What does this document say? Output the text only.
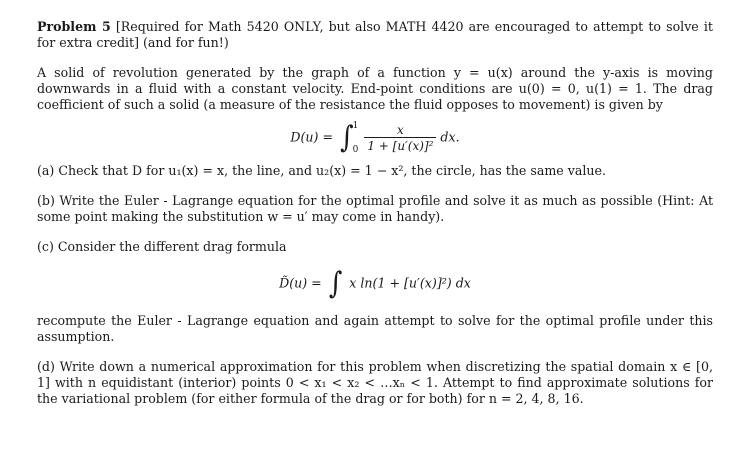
Problem 5 [Required for Math 5420 ONLY, but also MATH 4420 are encouraged to attempt to solve it for extra credit] (and for fun!)

A solid of revolution generated by the graph of a function y = u(x) around the y-axis is moving downwards in a fluid with a constant velocity. End-point conditions are u(0) = 0, u(1) = 1. The drag coefficient of such a solid (a measure of the resistance the fluid opposes to movement) is given by

D(u) = ∫ 1
0
$\frac{x}{\text{1 + [u′(x)]²}}$ dx.

(a) Check that D for u₁(x) = x, the line, and u₂(x) = 1 − x², the circle, has the same value.

(b) Write the Euler - Lagrange equation for the optimal profile and solve it as much as possible (Hint: At some point making the substitution w = u′ may come in handy).

(c) Consider the different drag formula

D̃(u) = ∫ x ln(1 + [u′(x)]²) dx

recompute the Euler - Lagrange equation and again attempt to solve for the optimal profile under this assumption.

(d) Write down a numerical approximation for this problem when discretizing the spatial domain x ∈ [0, 1] with n equidistant (interior) points 0 < x₁ < x₂ < …xₙ < 1. Attempt to find approximate solutions for the variational problem (for either formula of the drag or for both) for n = 2, 4, 8, 16.
